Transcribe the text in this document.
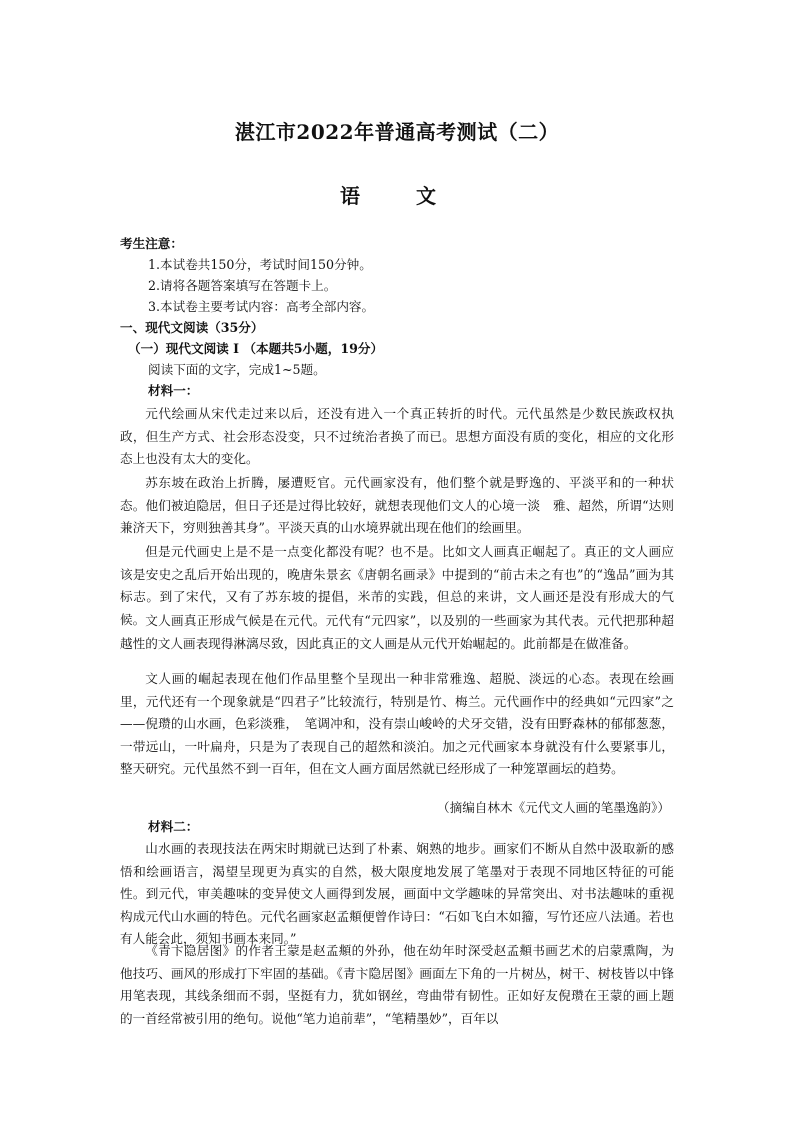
湛江市2022年普通高考测试（二）
语　文
考生注意：
1.本试卷共150分，考试时间150分钟。
2.请将各题答案填写在答题卡上。
3.本试卷主要考试内容：高考全部内容。
一、现代文阅读（35分）
（一）现代文阅读 I （本题共5小题，19分）
阅读下面的文字，完成1~5题。
材料一：
元代绘画从宋代走过来以后，还没有进入一个真正转折的时代。元代虽然是少数民族政权执政，但生产方式、社会形态没变，只不过统治者换了而已。思想方面没有质的变化，相应的文化形态上也没有太大的变化。
苏东坡在政治上折腾，屡遭贬官。元代画家没有，他们整个就是野逸的、平淡平和的一种状态。他们被迫隐居，但日子还是过得比较好，就想表现他们文人的心境一淡　雅、超然，所谓“达则兼济天下，穷则独善其身”。平淡天真的山水境界就出现在他们的绘画里。
但是元代画史上是不是一点变化都没有呢？也不是。比如文人画真正崛起了。真正的文人画应该是安史之乱后开始出现的，晚唐朱景玄《唐朝名画录》中提到的“前古未之有也”的“逸品”画为其标志。到了宋代，又有了苏东坡的提倡，米芾的实践，但总的来讲，文人画还是没有形成大的气候。 文人画真正形成气候是在元代。元代有“元四家”，以及别的一些画家为其代表。元代把那种超越性的文人画表现得淋漓尽致，因此真正的文人画是从元代开始崛起的。此前都是在做准备。
文人画的崛起表现在他们作品里整个呈现出一种非常雅逸、超脱、淡远的心态。表现在绘画里，元代还有一个现象就是“四君子”比较流行，特别是竹、梅兰。元代画作中的经典如“元四家”之——倪瓒的山水画，色彩淡雅，　笔调冲和，没有崇山峻岭的犬牙交错，没有田野森林的郁郁葱葱，一带远山，一叶扁舟，只是为了表现自己的超然和淡泊。加之元代画家本身就没有什么要紧事儿，整天研究。元代虽然不到一百年，但在文人画方面居然就已经形成了一种笼罩画坛的趋势。
（摘编自林木《元代文人画的笔墨逸韵》）
材料二：
山水画的表现技法在两宋时期就已达到了朴素、娴熟的地步。画家们不断从自然中汲取新的感悟和绘画语言，渴望呈现更为真实的自然，极大限度地发展了笔墨对于表现不同地区特征的可能性。到元代，审美趣味的变异使文人画得到发展，画面中文学趣味的异常突出、对书法趣味的重视构成元代山水画的特色。元代名画家赵孟頫便曾作诗曰：“石如飞白木如籀，写竹还应八法通。若也有人能会此，须知书画本来同。”
《青卞隐居图》的作者王蒙是赵孟頫的外孙，他在幼年时深受赵孟頫书画艺术的启蒙熏陶，为他技巧、画风的形成打下牢固的基础。《青卞隐居图》画面左下角的一片树丛，树干、树枝皆以中锋用笔表现，其线条细而不弱，坚挺有力，犹如钢丝，弯曲带有韧性。正如好友倪瓒在王蒙的画上题的一首经常被引用的绝句。说他“笔力追前辈”，“笔精墨妙”，百年以
